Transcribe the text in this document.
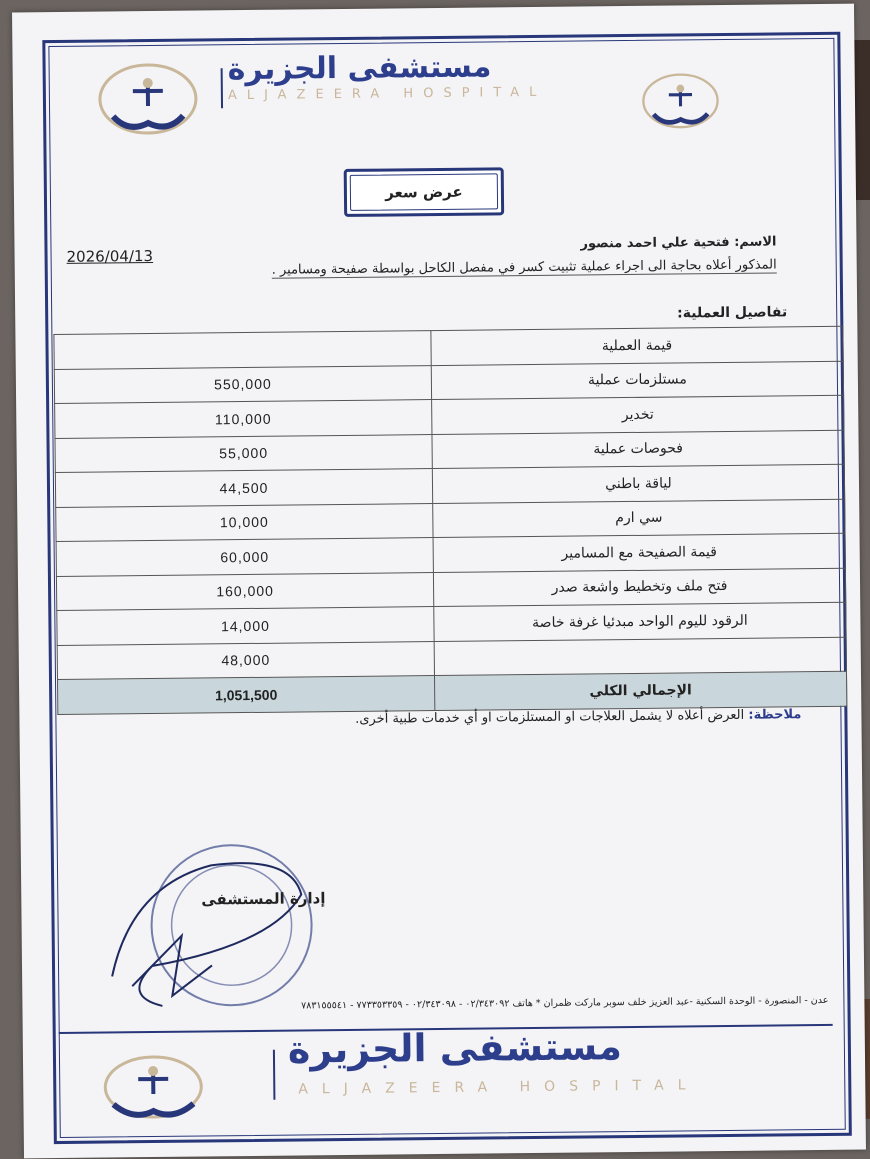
مستشفى الجزيرة
ALJAZEERA HOSPITAL
عرض سعر
2026/04/13
الاسم: فتحية علي احمد منصور
المذكور أعلاه بحاجة الى اجراء عملية تثبيت كسر في مفصل الكاحل بواسطة صفيحة ومسامير .
تفاصيل العملية:
	قيمة العملية
550,000	مستلزمات عملية
110,000	تخدير
55,000	فحوصات عملية
44,500	لياقة باطني
10,000	سي ارم
60,000	قيمة الصفيحة مع المسامير
160,000	فتح ملف وتخطيط واشعة صدر
14,000	الرقود لليوم الواحد مبدئيا غرفة خاصة
48,000	
1,051,500	الإجمالي الكلي
ملاحظة: العرض أعلاه لا يشمل العلاجات او المستلزمات او أي خدمات طبية أخرى.
إدارة المستشفى
عدن - المنصورة - الوحدة السكنية -عبد العزيز خلف سوبر ماركت ظمران * هاتف ٠٢/٣٤٣٠٩٢ - ٠٢/٣٤٣٠٩٨ - ٧٧٣٣٥٣٣٥٩ - ٧٨٣١٥٥٥٤١
مستشفى الجزيرة
ALJAZEERA HOSPITAL
